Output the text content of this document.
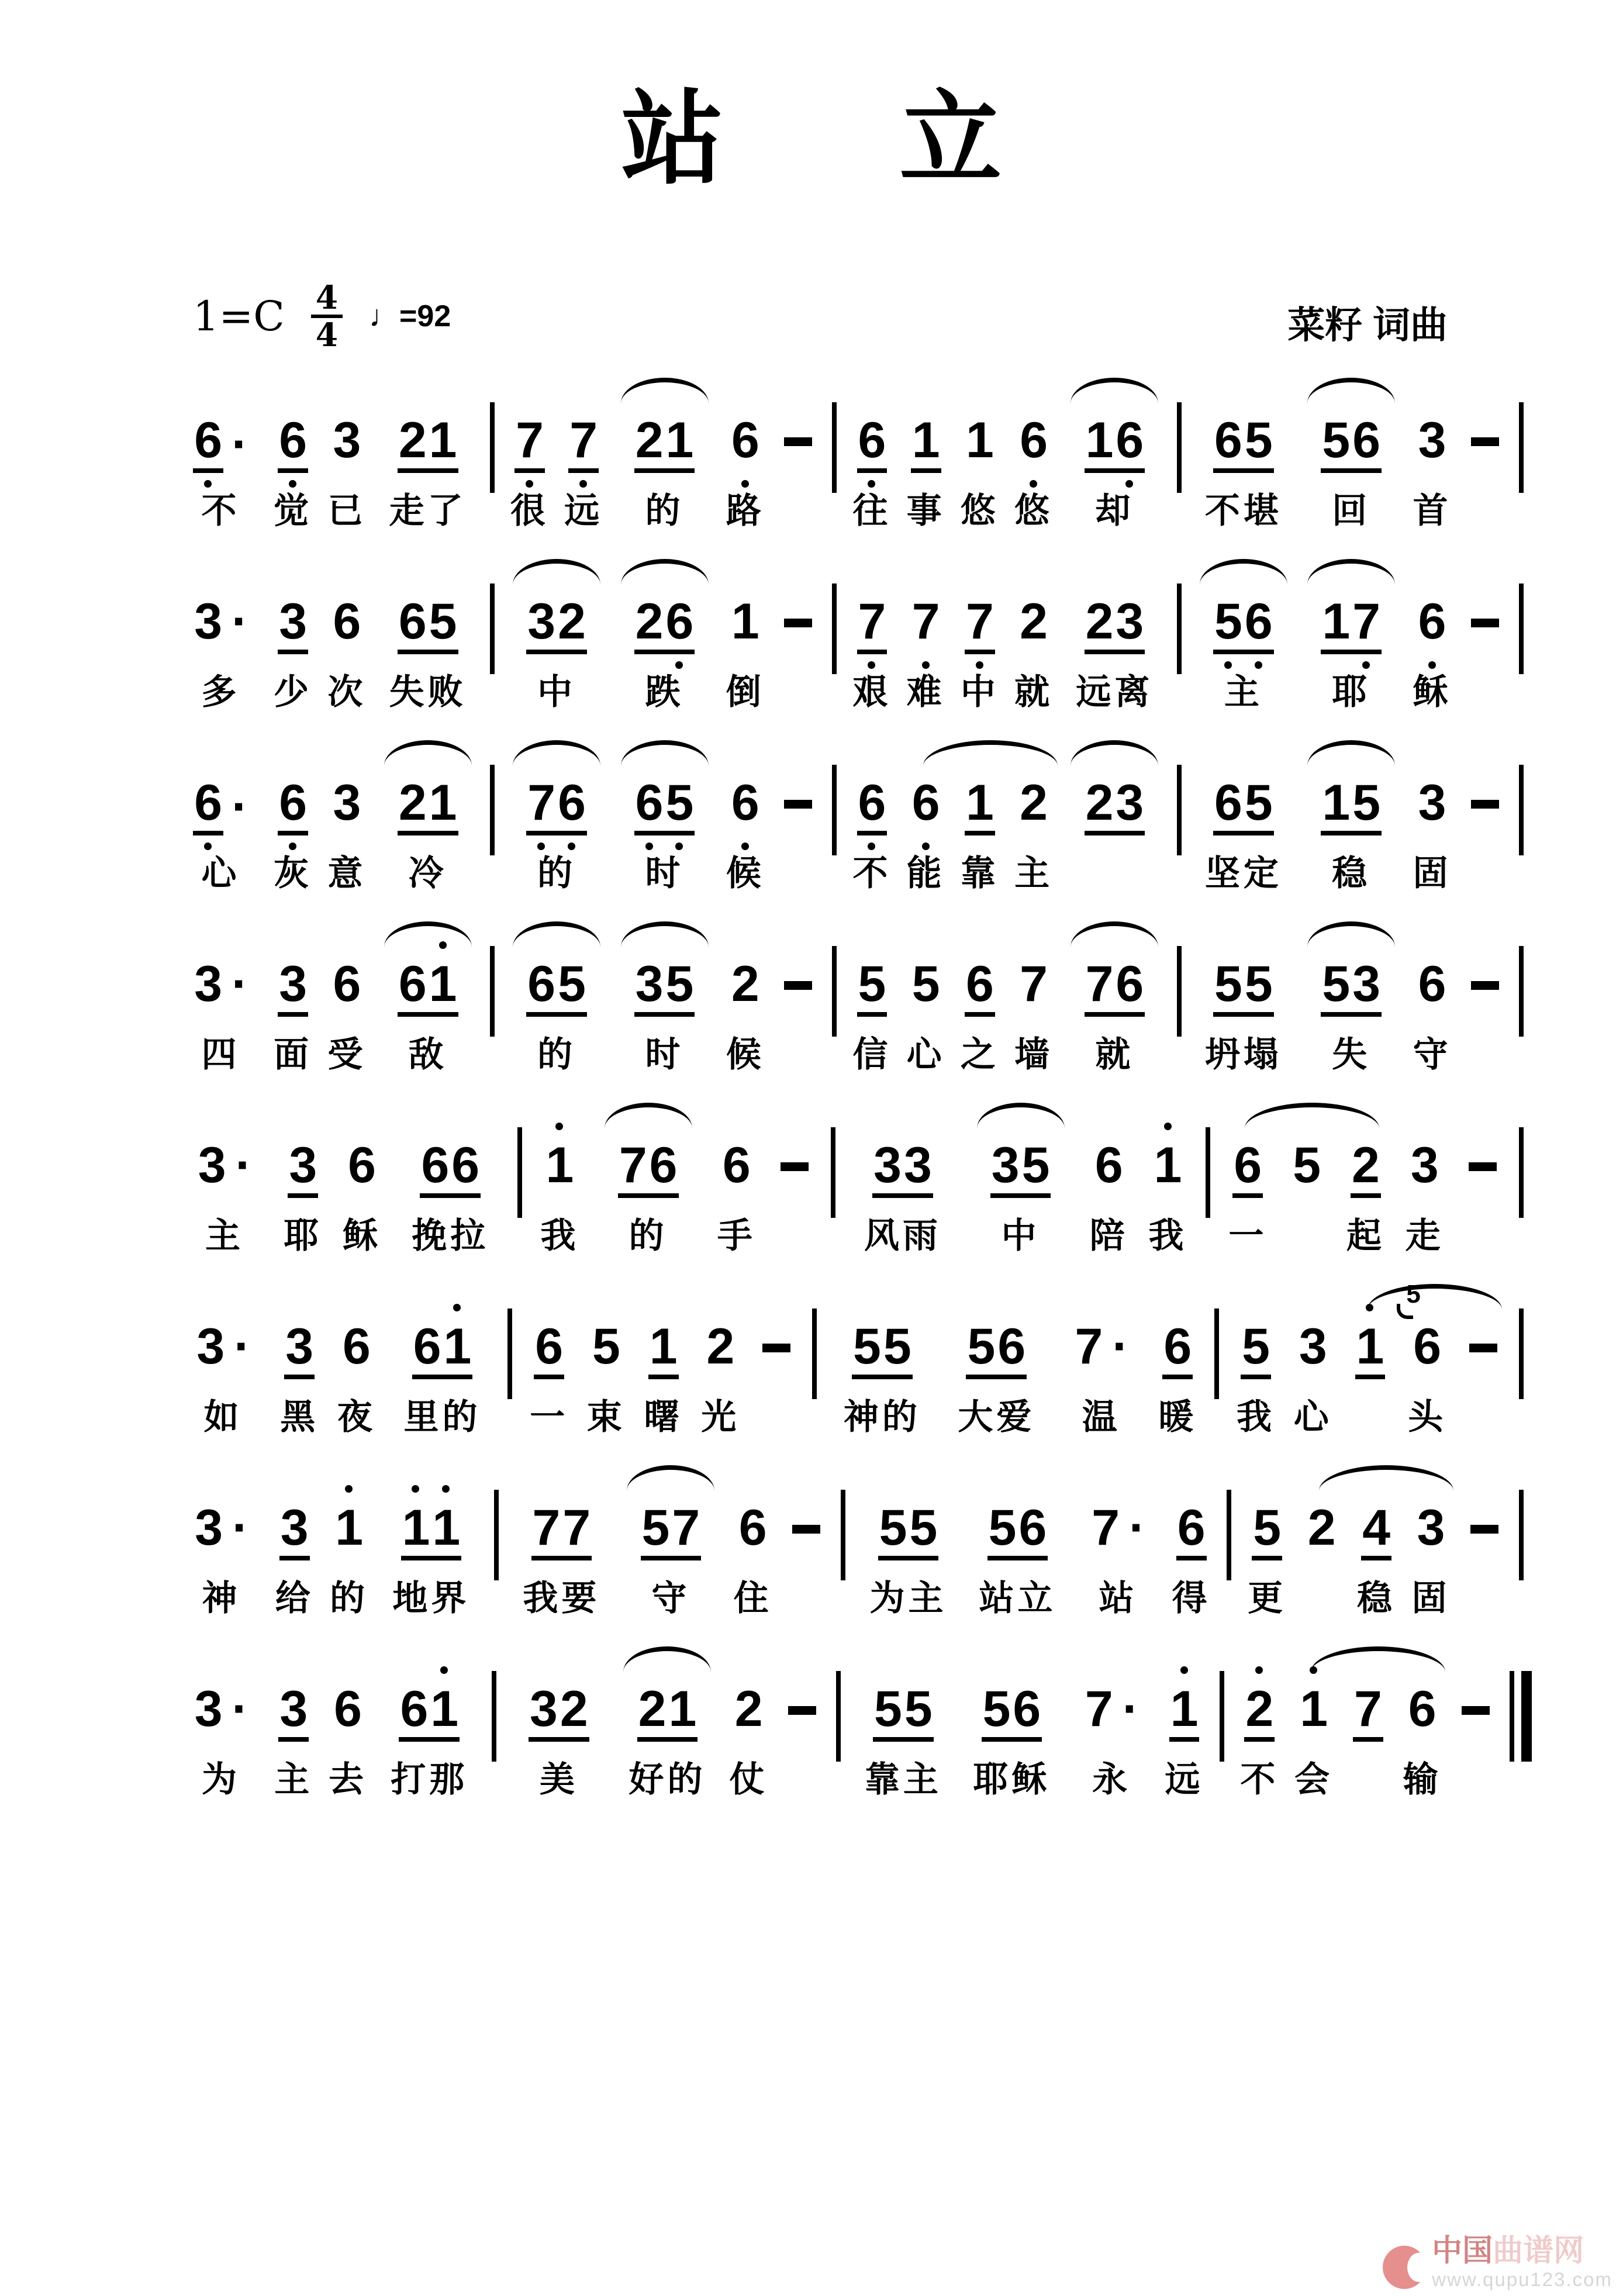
站 立
$1=C \frac{4}{4}$ ♩=92	菜籽 词曲
6 ·
不
6
觉
3
已
21
走了
7
很
7
远
21
的
6
路
6
往
1
事
1
悠
6
悠
16
却
65
不堪
56
回
3
首
3 ·
多
3
少
6
次
65
失败
32
中
26
跌
1
倒
7
艰
7
难
7
中
2
就
23
远离
5
6
主
17
耶
6
稣
6 ·
心
6
灰
3
意
21
冷
7
6
的
6
5
时
6
候
6
不
6
能
1
靠
2
主
23 65
坚定
15
稳
3
固
3 ·
四
3
面
6
受
61
敌
65
的
35
时
2
候
5
信
5
心
6
之
7
墙
76
就
55
坍塌
53
失
6
守
3 ·
主
3
耶
6
稣
66
挽拉
1
我
76
的
6
手
33
风雨
35
中
6
陪
1
我
6
一
5 2
起
3
走
3 ·
如
3
黑
6
夜
61
里的
6
一
5
束
1
曙
2
光
55
神的
56
大爱
7 ·
温
6
暖
5
我
3
心
1
5
6
头
3 ·
神
3
给
1
的
1
1
地界
77
我要
57
守
6
住
55
为主
56
站立
7 ·
站
6
得
5
更
2 4
稳
3
固
3 ·
为
3
主
6
去
61
打那
32
美
21
好的
2
仗
55
靠主
56
耶稣
7 ·
永
1
远
2
不
1
会
7 6
输
中国曲谱网
www.qupu123.com
